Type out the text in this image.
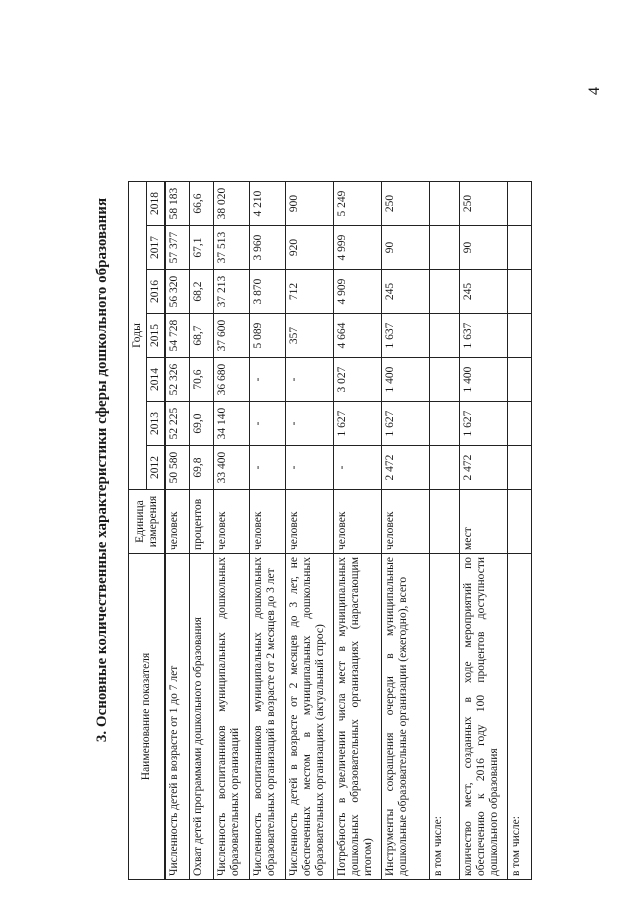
4
3. Основные количественные характеристики сферы дошкольного образования	Наименование показателя	Единица измерения	Годы						
		2012	2013	2014	2015	2016	2017	2018

Численность детей в возрасте от 1 до 7 лет	человек	50 580	52 225	52 326	54 728	56 320	57 377	58 183
Охват детей программами дошкольного образования	процентов	69,8	69,0	70,6	68,7	68,2	67,1	66,6
Численность воспитанников муниципальных дошкольных образовательных организаций	человек	33 400	34 140	36 680	37 600	37 213	37 513	38 020
Численность воспитанников муниципальных дошкольных образовательных организаций в возрасте от 2 месяцев до 3 лет	человек	-	-	-	5 089	3 870	3 960	4 210
Численность детей в возрасте от 2 месяцев до 3 лет, не обеспеченных местом в муниципальных дошкольных образовательных организациях (актуальный спрос)	человек	-	-	-	357	712	920	900
Потребность в увеличении числа мест в муниципальных дошкольных образовательных организациях (нарастающим итогом)	человек	-	1 627	3 027	4 664	4 909	4 999	5 249
Инструменты сокращения очереди в муниципальные дошкольные образовательные организации (ежегодно), всего	человек	2 472	1 627	1 400	1 637	245	90	250
в том числе:								
количество мест, созданных в ходе мероприятий по обеспечению к 2016 году 100 процентов доступности дошкольного образования	мест	2 472	1 627	1 400	1 637	245	90	250
в том числе:								
